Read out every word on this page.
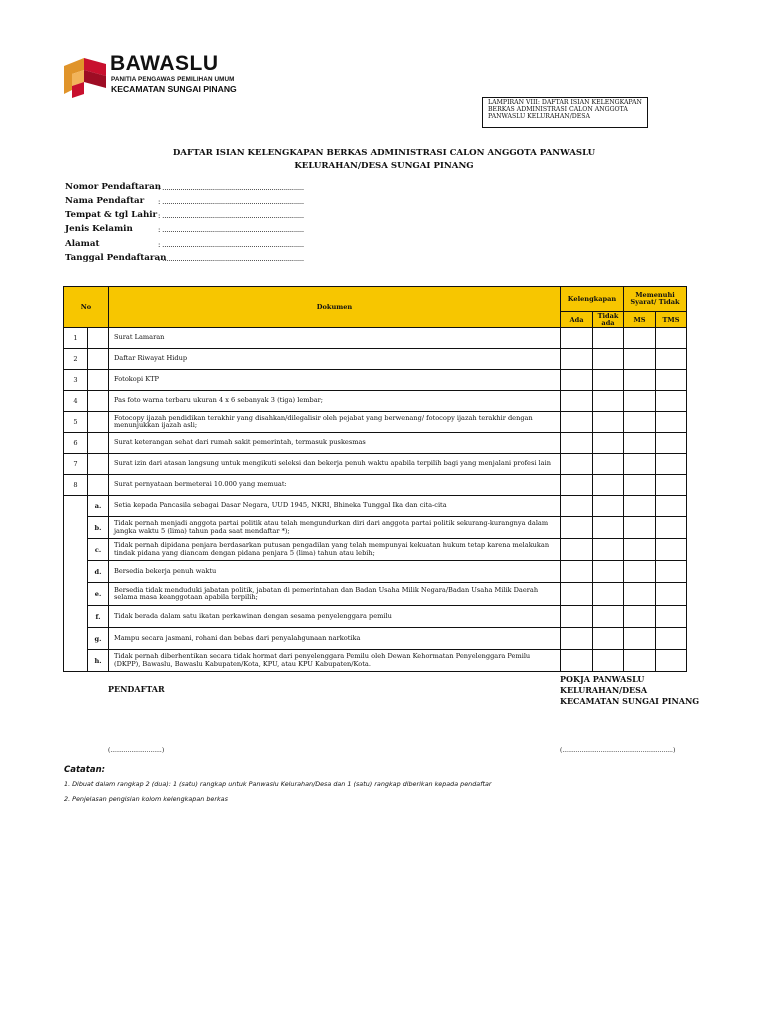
BAWASLU
PANITIA PENGAWAS PEMILIHAN UMUM
KECAMATAN SUNGAI PINANG
LAMPIRAN VIII: DAFTAR ISIAN KELENGKAPAN BERKAS ADMINISTRASI CALON ANGGOTA PANWASLU KELURAHAN/DESA
DAFTAR ISIAN KELENGKAPAN BERKAS ADMINISTRASI CALON ANGGOTA PANWASLU
KELURAHAN/DESA SUNGAI PINANG
Nomor Pendaftaran
: ......................................................................
Nama Pendaftar : ......................................................................
Tempat & tgl Lahir : ......................................................................
Jenis Kelamin	: ......................................................................
Alamat	: ......................................................................
Tanggal Pendaftaran
: ......................................................................
No		Dokumen	Kelengkapan		Memenuhi Syarat/ Tidak	
			Ada	Tidak ada	MS	TMS
1		Surat Lamaran				
2		Daftar Riwayat Hidup				
3		Fotokopi KTP				
4		Pas foto warna terbaru ukuran 4 x 6 sebanyak 3 (tiga) lembar;				
5		Fotocopy ijazah pendidikan terakhir yang disahkan/dilegalisir oleh pejabat yang berwenang/ fotocopy ijazah terakhir dengan menunjukkan ijazah asli;				
6		Surat keterangan sehat dari rumah sakit pemerintah, termasuk puskesmas				
7		Surat izin dari atasan langsung untuk mengikuti seleksi dan bekerja penuh waktu apabila terpilih bagi yang menjalani profesi lain				
8		Surat pernyataan bermeterai 10.000 yang memuat:				
	a.	Setia kepada Pancasila sebagai Dasar Negara, UUD 1945, NKRI, Bhineka Tunggal Ika dan cita-cita				
	b.	Tidak pernah menjadi anggota partai politik atau telah mengundurkan diri dari anggota partai politik sekurang-kurangnya dalam jangka waktu 5 (lima) tahun pada saat mendaftar *);				
	c.	Tidak pernah dipidana penjara berdasarkan putusan pengadilan yang telah mempunyai kekuatan hukum tetap karena melakukan tindak pidana yang diancam dengan pidana penjara 5 (lima) tahun atau lebih;				
	d.	Bersedia bekerja penuh waktu				
	e.	Bersedia tidak menduduki jabatan politik, jabatan di pemerintahan dan Badan Usaha Milik Negara/Badan Usaha Milik Daerah selama masa keanggotaan apabila terpilih;				
	f.	Tidak berada dalam satu ikatan perkawinan dengan sesama penyelenggara pemilu				
	g.	Mampu secara jasmani, rohani dan bebas dari penyalahgunaan narkotika				
	h.	Tidak pernah diberhentikan secara tidak hormat dari penyelenggara Pemilu oleh Dewan Kehormatan Penyelenggara Pemilu (DKPP), Bawaslu, Bawaslu Kabupaten/Kota, KPU, atau KPU Kabupaten/Kota.				
PENDAFTAR
POKJA PANWASLU
KELURAHAN/DESA
KECAMATAN SUNGAI PINANG
(...........................)	(..........................................................)
Catatan:
1. Dibuat dalam rangkap 2 (dua): 1 (satu) rangkap untuk Panwaslu Kelurahan/Desa dan 1 (satu) rangkap diberikan kepada pendaftar
2. Penjelasan pengisian kolom kelengkapan berkas
